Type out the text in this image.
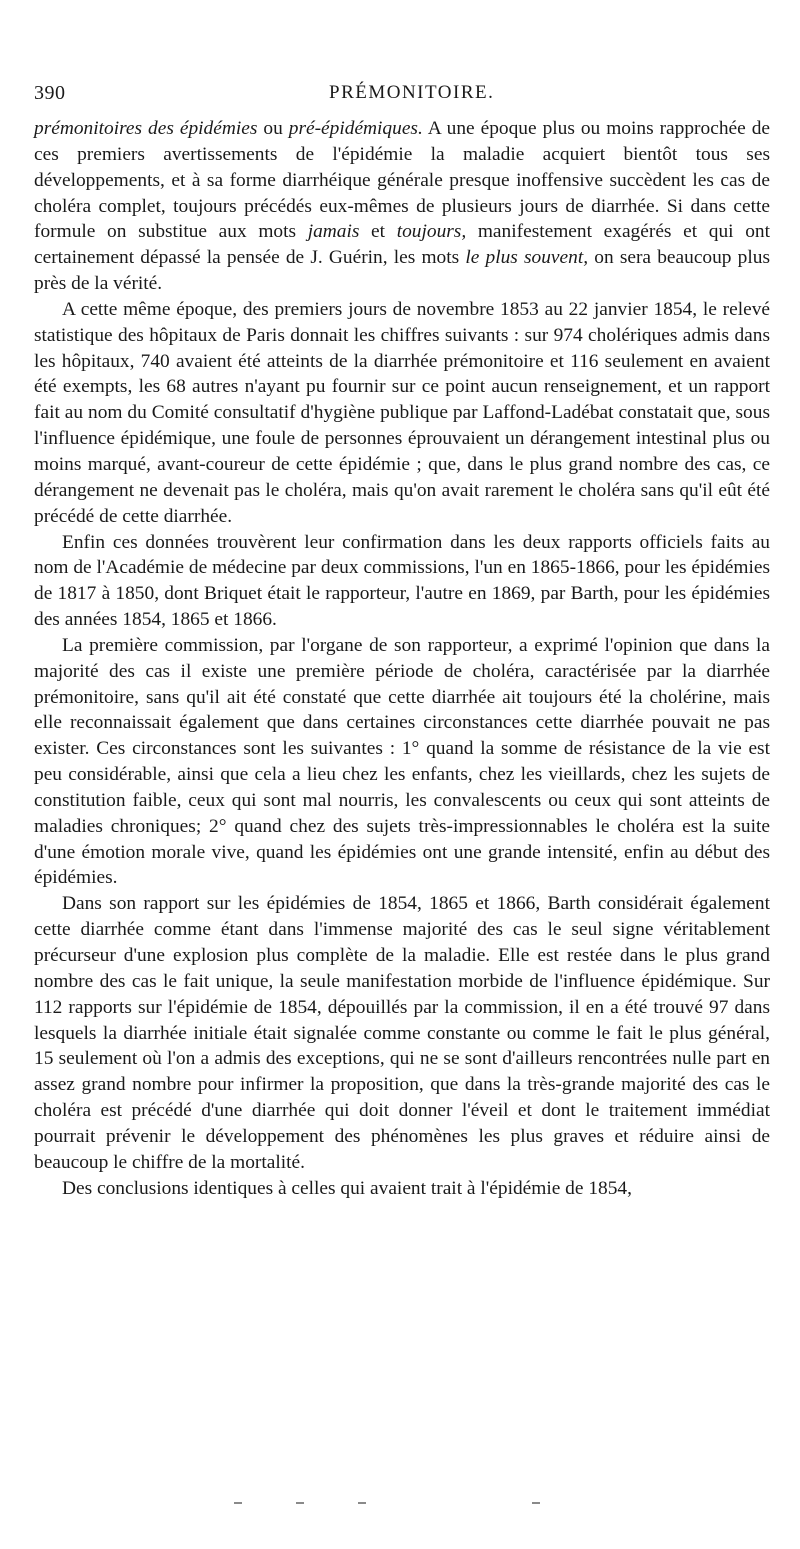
390	PRÉMONITOIRE.

prémonitoires des épidémies ou pré-épidémiques. A une époque plus ou moins rapprochée de ces premiers avertissements de l'épidémie la maladie acquiert bientôt tous ses développements, et à sa forme diarrhéique générale presque inoffensive succèdent les cas de choléra complet, toujours précédés eux-mêmes de plusieurs jours de diarrhée. Si dans cette formule on substitue aux mots jamais et toujours, manifestement exagérés et qui ont certainement dépassé la pensée de J. Guérin, les mots le plus souvent, on sera beaucoup plus près de la vérité.

A cette même époque, des premiers jours de novembre 1853 au 22 janvier 1854, le relevé statistique des hôpitaux de Paris donnait les chiffres suivants : sur 974 cholériques admis dans les hôpitaux, 740 avaient été atteints de la diarrhée prémonitoire et 116 seulement en avaient été exempts, les 68 autres n'ayant pu fournir sur ce point aucun renseignement, et un rapport fait au nom du Comité consultatif d'hygiène publique par Laffond-Ladébat constatait que, sous l'influence épidémique, une foule de personnes éprouvaient un dérangement intestinal plus ou moins marqué, avant-coureur de cette épidémie ; que, dans le plus grand nombre des cas, ce dérangement ne devenait pas le choléra, mais qu'on avait rarement le choléra sans qu'il eût été précédé de cette diarrhée.

Enfin ces données trouvèrent leur confirmation dans les deux rapports officiels faits au nom de l'Académie de médecine par deux commissions, l'un en 1865-1866, pour les épidémies de 1817 à 1850, dont Briquet était le rapporteur, l'autre en 1869, par Barth, pour les épidémies des années 1854, 1865 et 1866.

La première commission, par l'organe de son rapporteur, a exprimé l'opinion que dans la majorité des cas il existe une première période de choléra, caractérisée par la diarrhée prémonitoire, sans qu'il ait été constaté que cette diarrhée ait toujours été la cholérine, mais elle reconnaissait également que dans certaines circonstances cette diarrhée pouvait ne pas exister. Ces circonstances sont les suivantes : 1° quand la somme de résistance de la vie est peu considérable, ainsi que cela a lieu chez les enfants, chez les vieillards, chez les sujets de constitution faible, ceux qui sont mal nourris, les convalescents ou ceux qui sont atteints de maladies chroniques; 2° quand chez des sujets très-impressionnables le choléra est la suite d'une émotion morale vive, quand les épidémies ont une grande intensité, enfin au début des épidémies.

Dans son rapport sur les épidémies de 1854, 1865 et 1866, Barth considérait également cette diarrhée comme étant dans l'immense majorité des cas le seul signe véritablement précurseur d'une explosion plus complète de la maladie. Elle est restée dans le plus grand nombre des cas le fait unique, la seule manifestation morbide de l'influence épidémique. Sur 112 rapports sur l'épidémie de 1854, dépouillés par la commission, il en a été trouvé 97 dans lesquels la diarrhée initiale était signalée comme constante ou comme le fait le plus général, 15 seulement où l'on a admis des exceptions, qui ne se sont d'ailleurs rencontrées nulle part en assez grand nombre pour infirmer la proposition, que dans la très-grande majorité des cas le choléra est précédé d'une diarrhée qui doit donner l'éveil et dont le traitement immédiat pourrait prévenir le développement des phénomènes les plus graves et réduire ainsi de beaucoup le chiffre de la mortalité.

Des conclusions identiques à celles qui avaient trait à l'épidémie de 1854,
